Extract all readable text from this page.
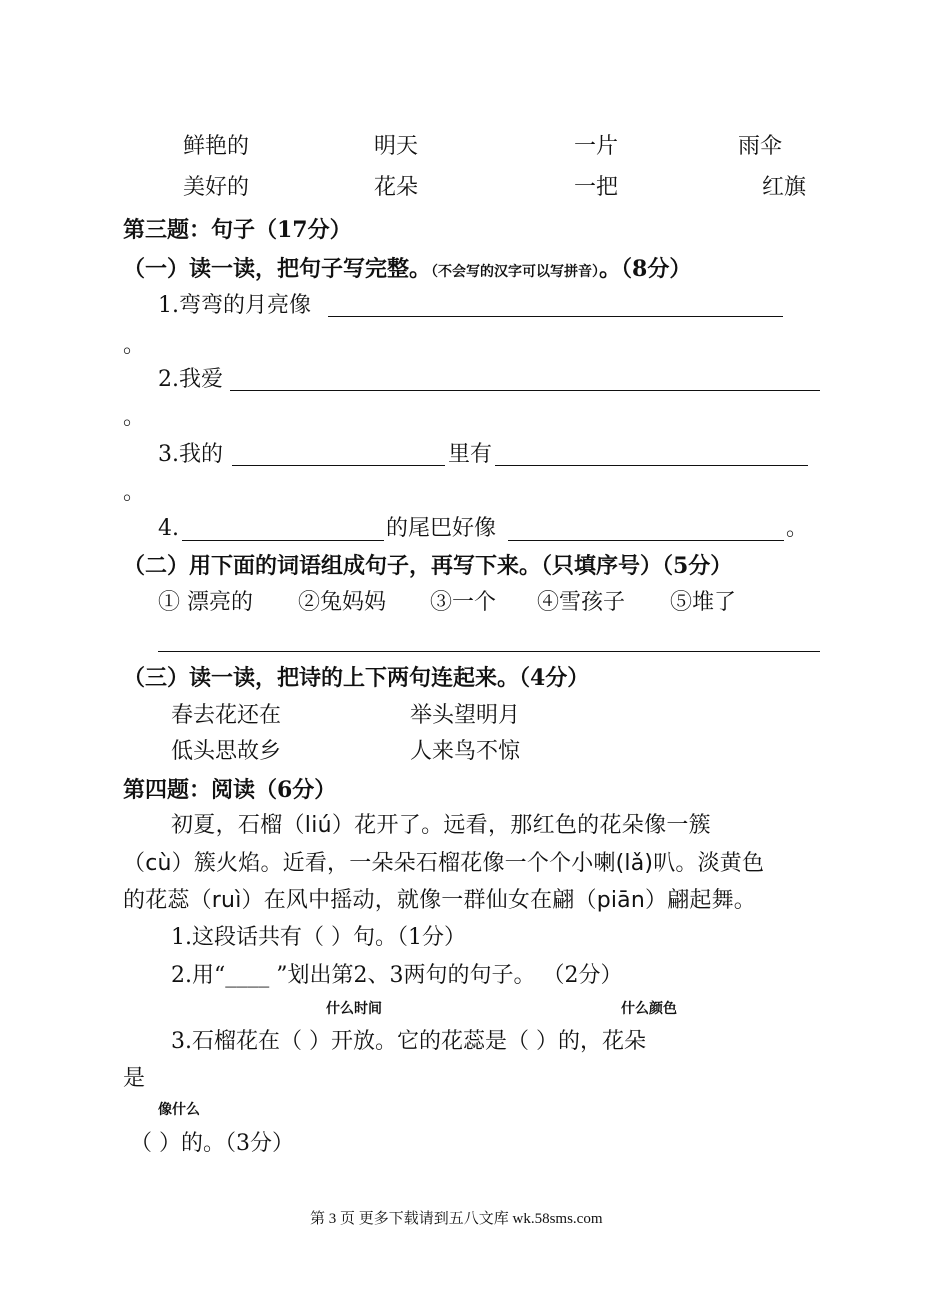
鲜艳的	明天	一片	雨伞
美好的	花朵	一把	红旗
第三题：句子（17分）
（一）读一读，把句子写完整。（不会写的汉字可以写拼音）。（8分）
1.弯弯的月亮像
。
2.我爱
。
3.我的	里有
。
4.	的尾巴好像	。
（二）用下面的词语组成句子，再写下来。（只填序号）（5分）
① 漂亮的 ②兔妈妈 ③一个 ④雪孩子 ⑤堆了
（三）读一读，把诗的上下两句连起来。（4分）
春去花还在	举头望明月
低头思故乡	人来鸟不惊
第四题：阅读（6分）
初夏，石榴（liú）花开了。远看，那红色的花朵像一簇
（cù）簇火焰。近看，一朵朵石榴花像一个个小喇(lǎ)叭。淡黄色
的花蕊（ruì）在风中摇动，就像一群仙女在翩（piān）翩起舞。
1.这段话共有（ ）句。（1分）
2.用“____ ”划出第2、3两句的句子。 （2分）
什么时间	什么颜色
3.石榴花在（ ）开放。它的花蕊是（ ）的，花朵
是
像什么
（ ）的。（3分）
第 3 页 更多下载请到五八文库 wk.58sms.com
